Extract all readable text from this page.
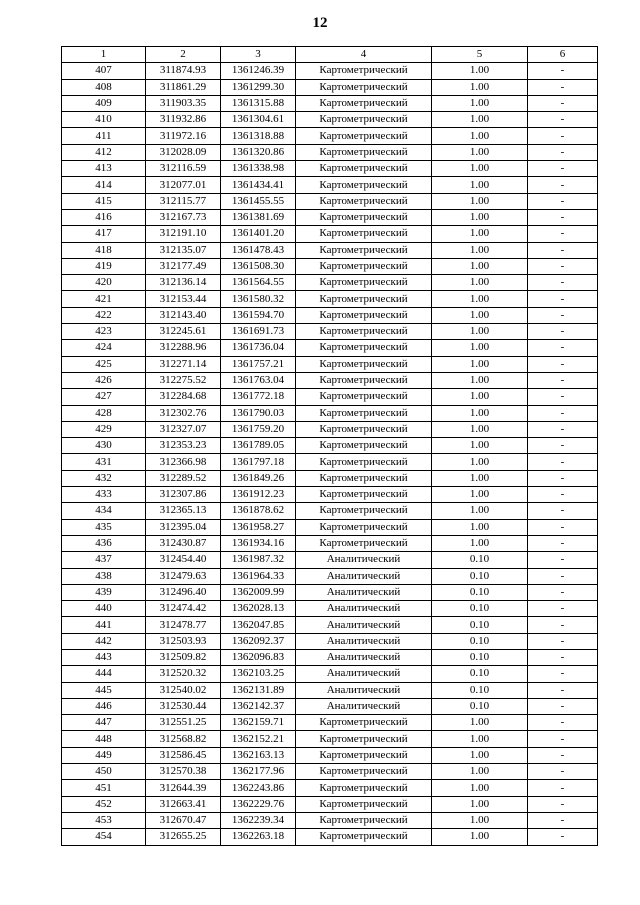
12
1	2	3	4	5	6
407	311874.93	1361246.39	Картометрический	1.00	-
408	311861.29	1361299.30	Картометрический	1.00	-
409	311903.35	1361315.88	Картометрический	1.00	-
410	311932.86	1361304.61	Картометрический	1.00	-
411	311972.16	1361318.88	Картометрический	1.00	-
412	312028.09	1361320.86	Картометрический	1.00	-
413	312116.59	1361338.98	Картометрический	1.00	-
414	312077.01	1361434.41	Картометрический	1.00	-
415	312115.77	1361455.55	Картометрический	1.00	-
416	312167.73	1361381.69	Картометрический	1.00	-
417	312191.10	1361401.20	Картометрический	1.00	-
418	312135.07	1361478.43	Картометрический	1.00	-
419	312177.49	1361508.30	Картометрический	1.00	-
420	312136.14	1361564.55	Картометрический	1.00	-
421	312153.44	1361580.32	Картометрический	1.00	-
422	312143.40	1361594.70	Картометрический	1.00	-
423	312245.61	1361691.73	Картометрический	1.00	-
424	312288.96	1361736.04	Картометрический	1.00	-
425	312271.14	1361757.21	Картометрический	1.00	-
426	312275.52	1361763.04	Картометрический	1.00	-
427	312284.68	1361772.18	Картометрический	1.00	-
428	312302.76	1361790.03	Картометрический	1.00	-
429	312327.07	1361759.20	Картометрический	1.00	-
430	312353.23	1361789.05	Картометрический	1.00	-
431	312366.98	1361797.18	Картометрический	1.00	-
432	312289.52	1361849.26	Картометрический	1.00	-
433	312307.86	1361912.23	Картометрический	1.00	-
434	312365.13	1361878.62	Картометрический	1.00	-
435	312395.04	1361958.27	Картометрический	1.00	-
436	312430.87	1361934.16	Картометрический	1.00	-
437	312454.40	1361987.32	Аналитический	0.10	-
438	312479.63	1361964.33	Аналитический	0.10	-
439	312496.40	1362009.99	Аналитический	0.10	-
440	312474.42	1362028.13	Аналитический	0.10	-
441	312478.77	1362047.85	Аналитический	0.10	-
442	312503.93	1362092.37	Аналитический	0.10	-
443	312509.82	1362096.83	Аналитический	0.10	-
444	312520.32	1362103.25	Аналитический	0.10	-
445	312540.02	1362131.89	Аналитический	0.10	-
446	312530.44	1362142.37	Аналитический	0.10	-
447	312551.25	1362159.71	Картометрический	1.00	-
448	312568.82	1362152.21	Картометрический	1.00	-
449	312586.45	1362163.13	Картометрический	1.00	-
450	312570.38	1362177.96	Картометрический	1.00	-
451	312644.39	1362243.86	Картометрический	1.00	-
452	312663.41	1362229.76	Картометрический	1.00	-
453	312670.47	1362239.34	Картометрический	1.00	-
454	312655.25	1362263.18	Картометрический	1.00	-
